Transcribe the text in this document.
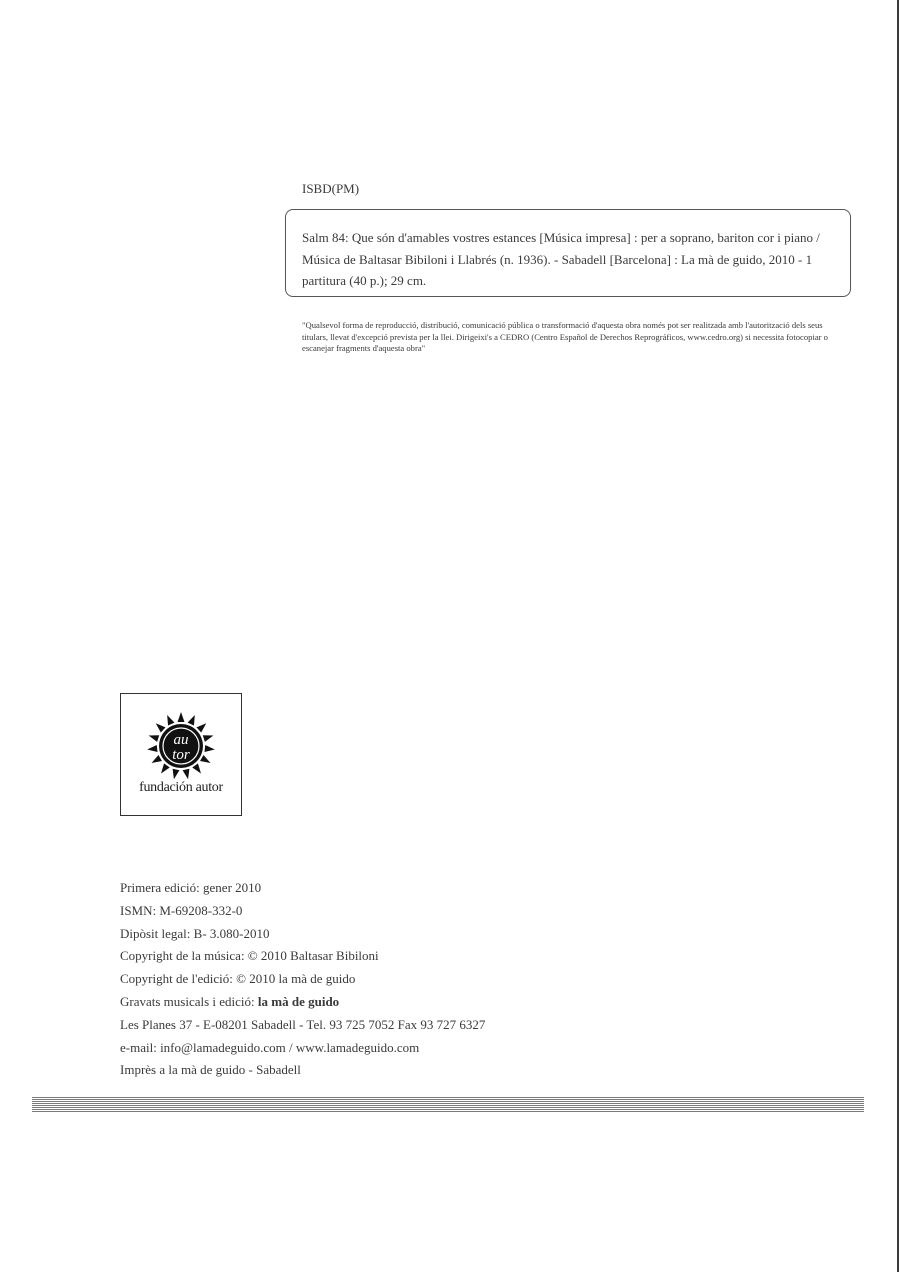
ISBD(PM)

Salm 84: Que són d'amables vostres estances [Música impresa] : per a soprano, bariton cor i piano / Música de Baltasar Bibiloni i Llabrés (n. 1936). - Sabadell [Barcelona] : La mà de guido, 2010 - 1 partitura (40 p.); 29 cm.

"Qualsevol forma de reproducció, distribució, comunicació pública o transformació d'aquesta obra només pot ser realitzada amb l'autorització dels seus titulars, llevat d'excepció prevista per la llei. Dirigeixi's a CEDRO (Centro Español de Derechos Reprográficos, www.cedro.org) si necessita fotocopiar o escanejar fragments d'aquesta obra"

au
tor
fundación autor
Primera edició: gener 2010
ISMN: M-69208-332-0
Dipòsit legal: B- 3.080-2010
Copyright de la música: © 2010 Baltasar Bibiloni
Copyright de l'edició: © 2010 la mà de guido
Gravats musicals i edició: la mà de guido
Les Planes 37 - E-08201 Sabadell - Tel. 93 725 7052 Fax 93 727 6327
e-mail: info@lamadeguido.com / www.lamadeguido.com
Imprès a la mà de guido - Sabadell
